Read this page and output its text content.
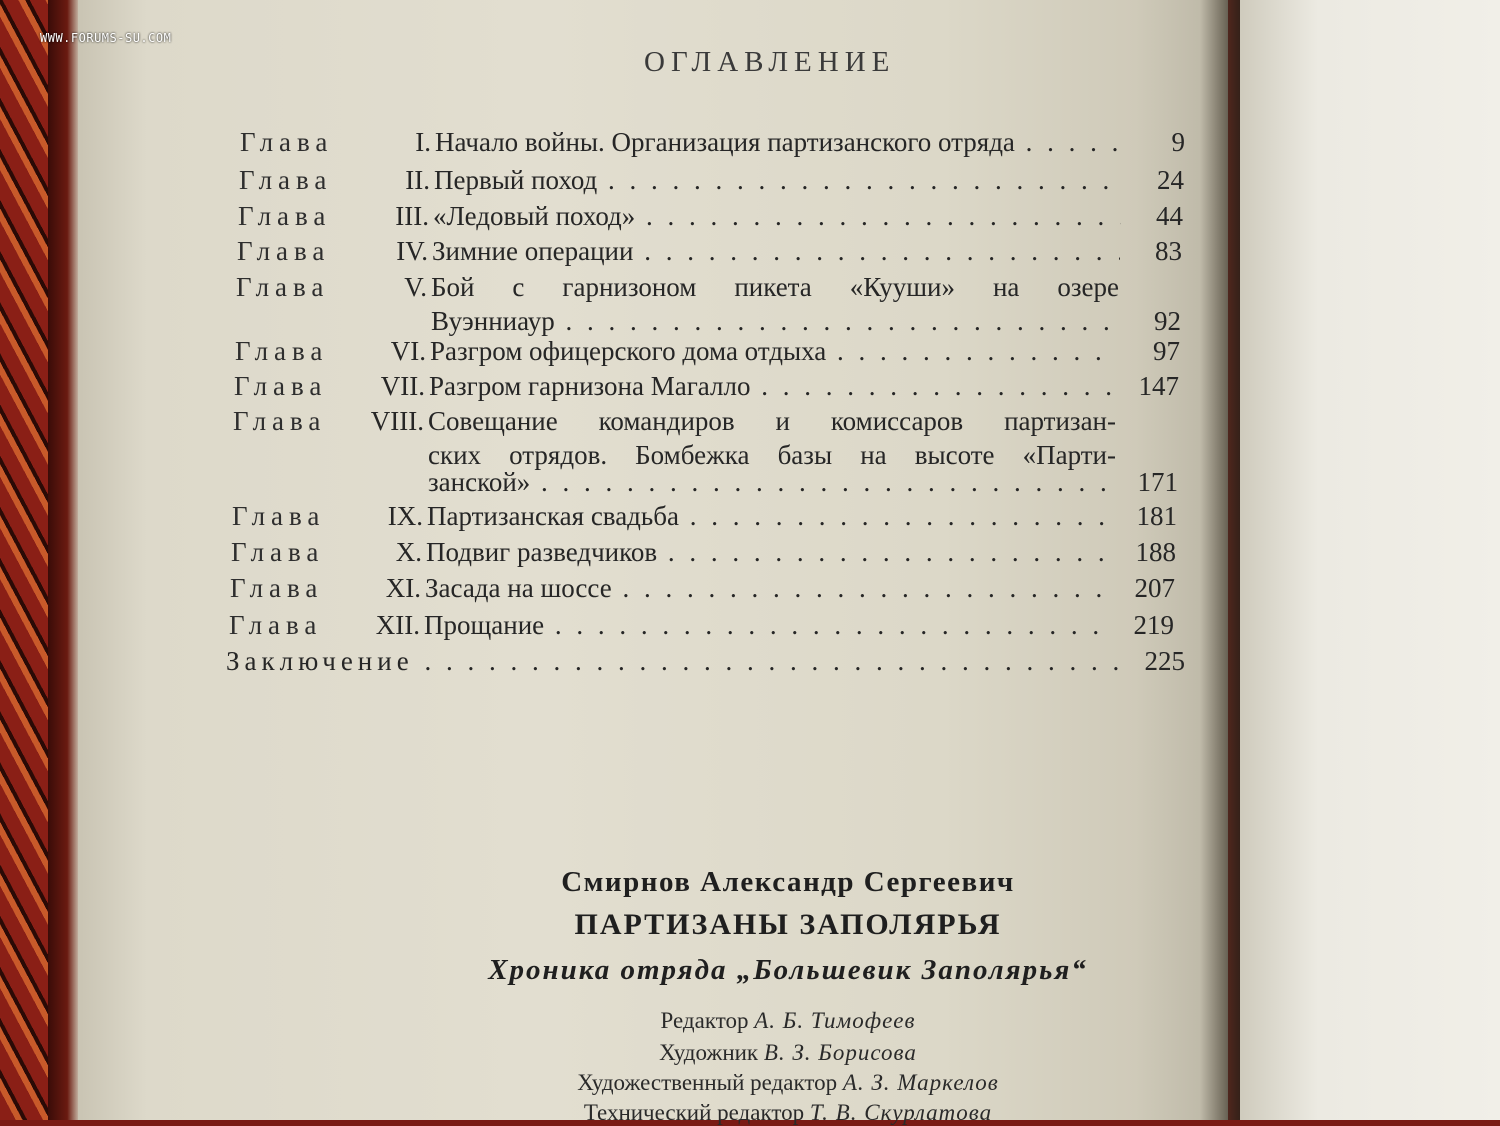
ОГЛАВЛЕНИЕ
Глава	I. Начало войны. Организация партизанского отряда . . .	9
Глава	II. Первый поход . . .	24
Глава	III. «Ледовый поход» . . .	44
Глава	IV. Зимние операции . . .	83
Глава	V. Бой с гарнизоном пикета «Кууши» на озере
Вуэнниаур . . .	92
Глава	VI. Разгром офицерского дома отдыха . . .	97
Глава	VII. Разгром гарнизона Магалло . . .	147
Глава	VIII. Совещание командиров и комиссаров партизан-
ских отрядов. Бомбежка базы на высоте «Парти-
занской» . . .	171
Глава	IX. Партизанская свадьба . . .	181
Глава	X. Подвиг разведчиков . . .	188
Глава	XI. Засада на шоссе . . .	207
Глава	XII. Прощание . . .	219
Заключение . . .	225
Смирнов Александр Сергеевич
ПАРТИЗАНЫ ЗАПОЛЯРЬЯ
Хроника отряда „Большевик Заполярья“
Редактор А. Б. Тимофеев
Художник В. З. Борисова
Художественный редактор А. З. Маркелов
Технический редактор Т. В. Скурлатова
WWW.FORUMS-SU.COM
